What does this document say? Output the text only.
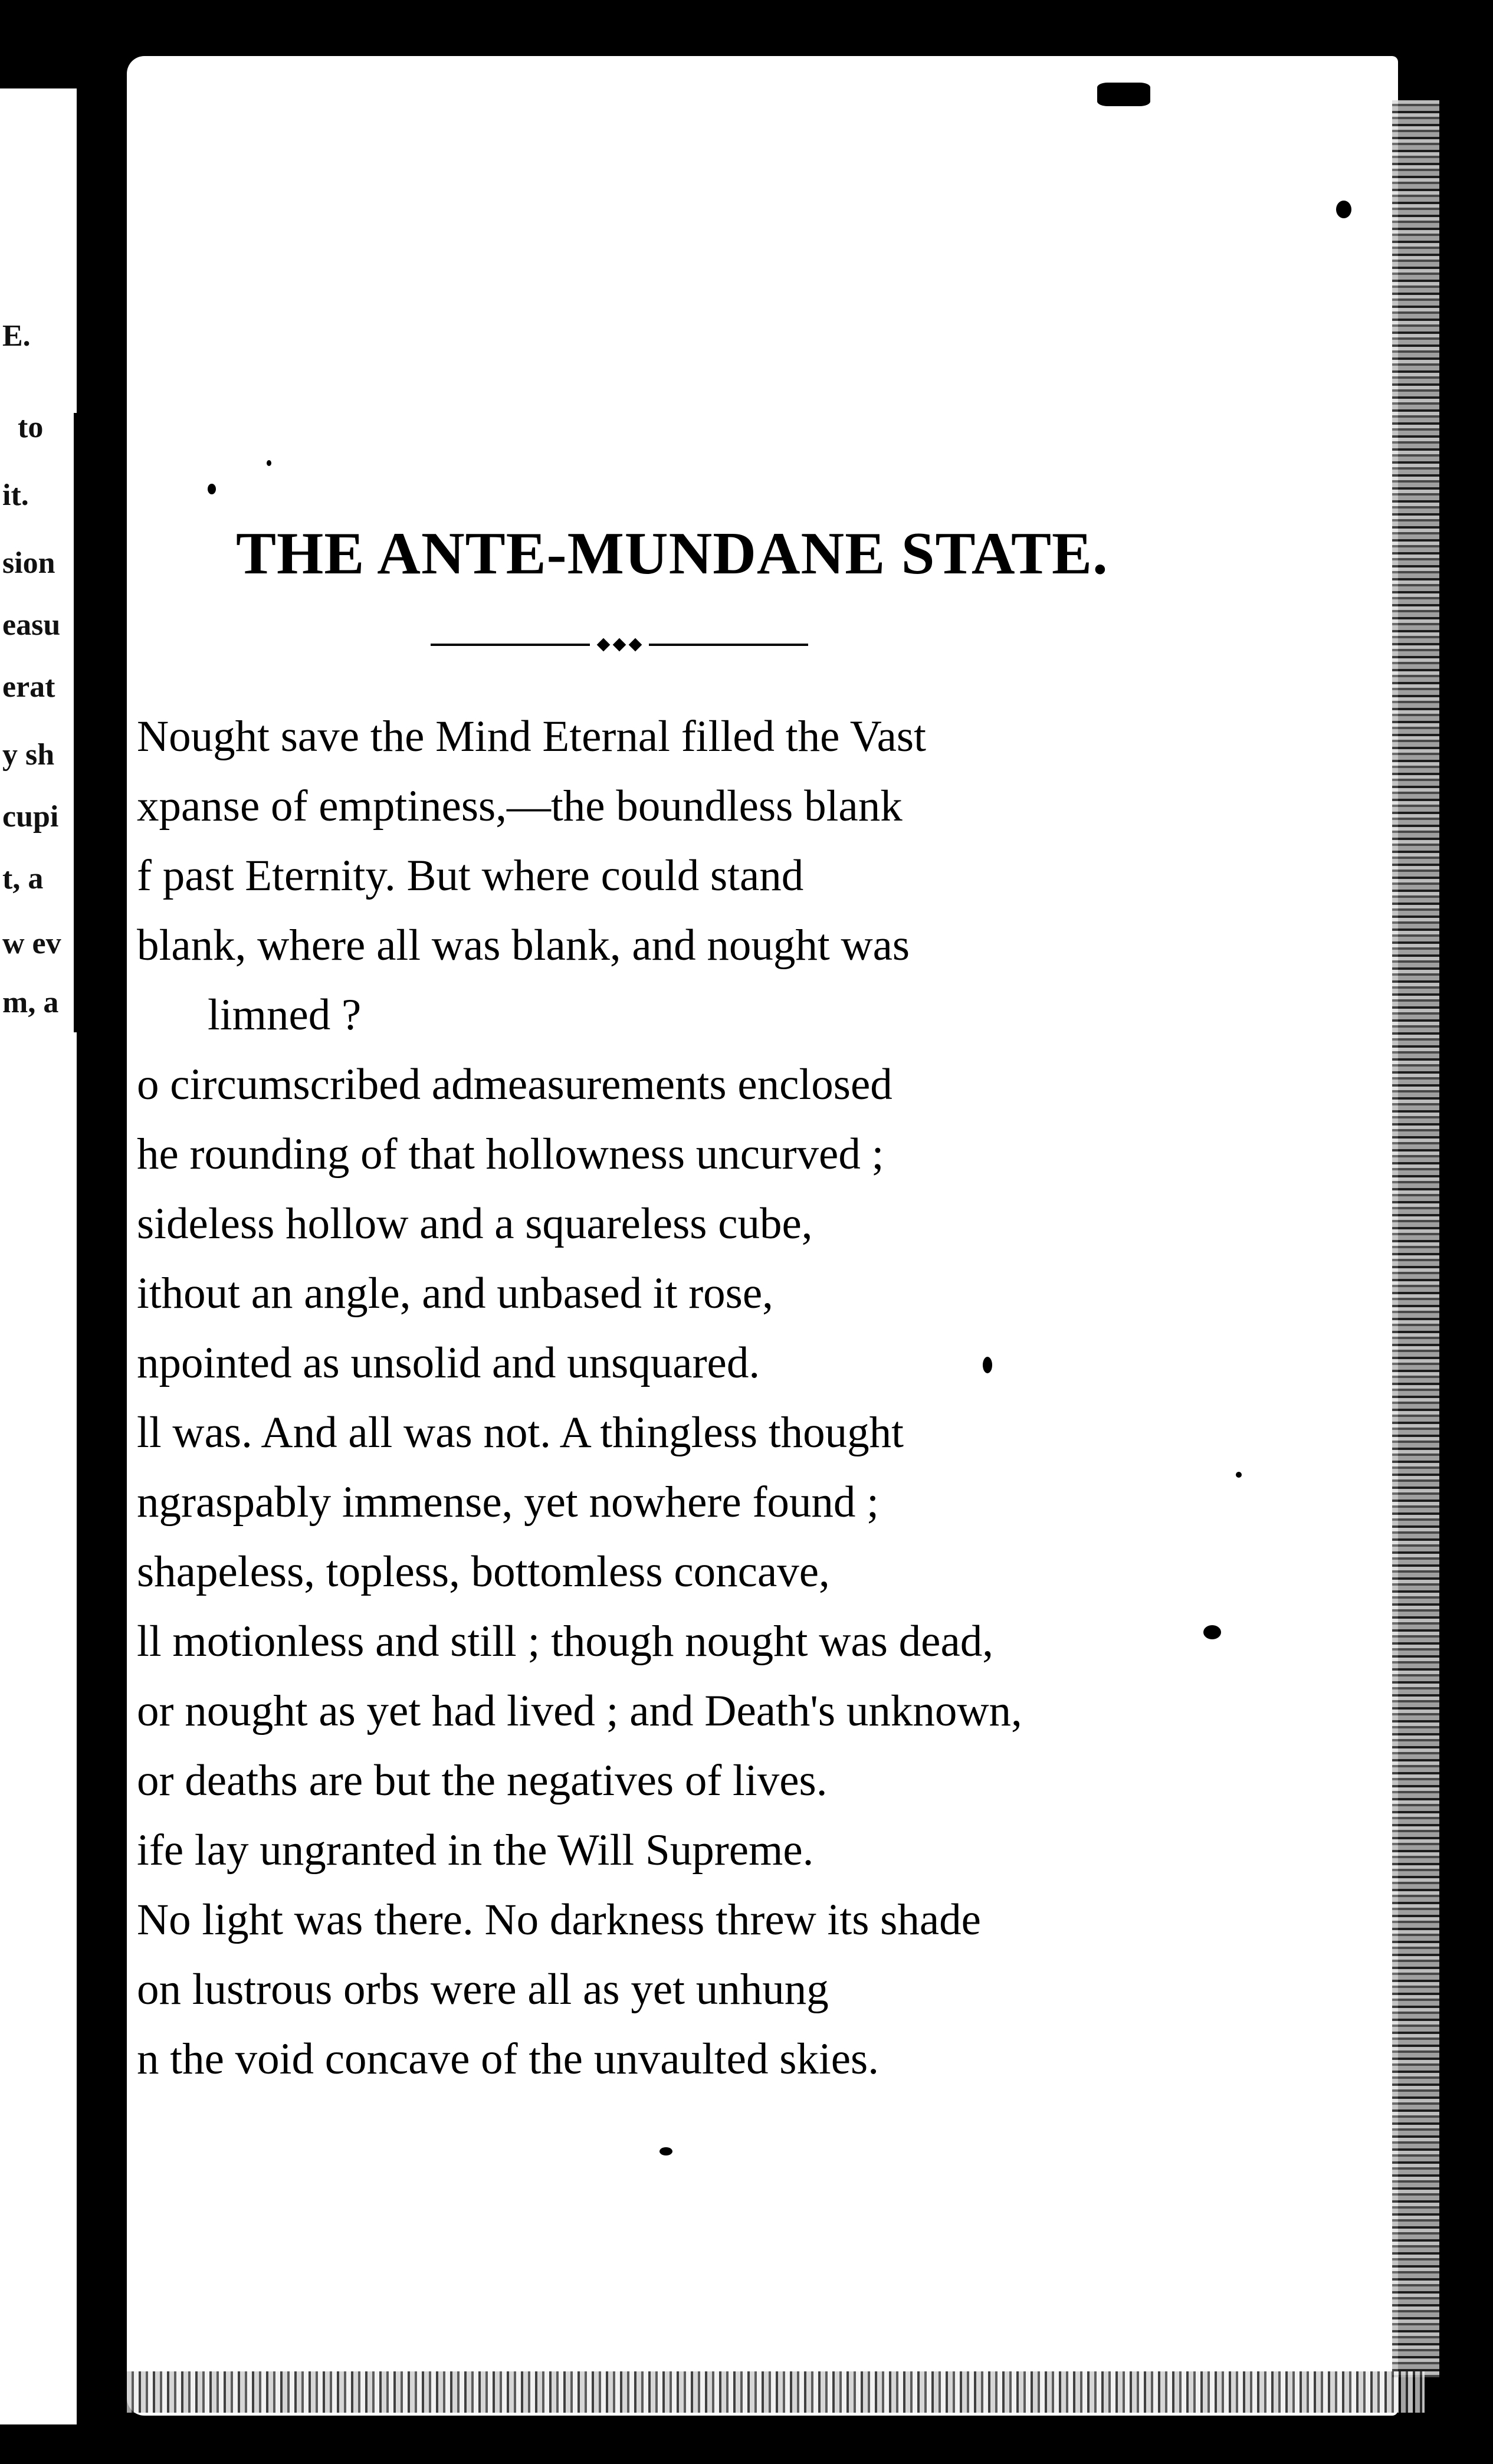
E.
to
it.
sion
easu
erat
y sh
cupi
t, a
w ev
m, a
THE ANTE-MUNDANE STATE.
Nought save the Mind Eternal filled the Vast
xpanse of emptiness,—the boundless blank
f past Eternity. But where could stand
blank, where all was blank, and nought was
limned ?
o circumscribed admeasurements enclosed
he rounding of that hollowness uncurved ;
sideless hollow and a squareless cube,
ithout an angle, and unbased it rose,
npointed as unsolid and unsquared.
ll was. And all was not. A thingless thought
ngraspably immense, yet nowhere found ;
shapeless, topless, bottomless concave,
ll motionless and still ; though nought was dead,
or nought as yet had lived ; and Death's unknown,
or deaths are but the negatives of lives.
ife lay ungranted in the Will Supreme.
No light was there. No darkness threw its shade
on lustrous orbs were all as yet unhung
n the void concave of the unvaulted skies.
